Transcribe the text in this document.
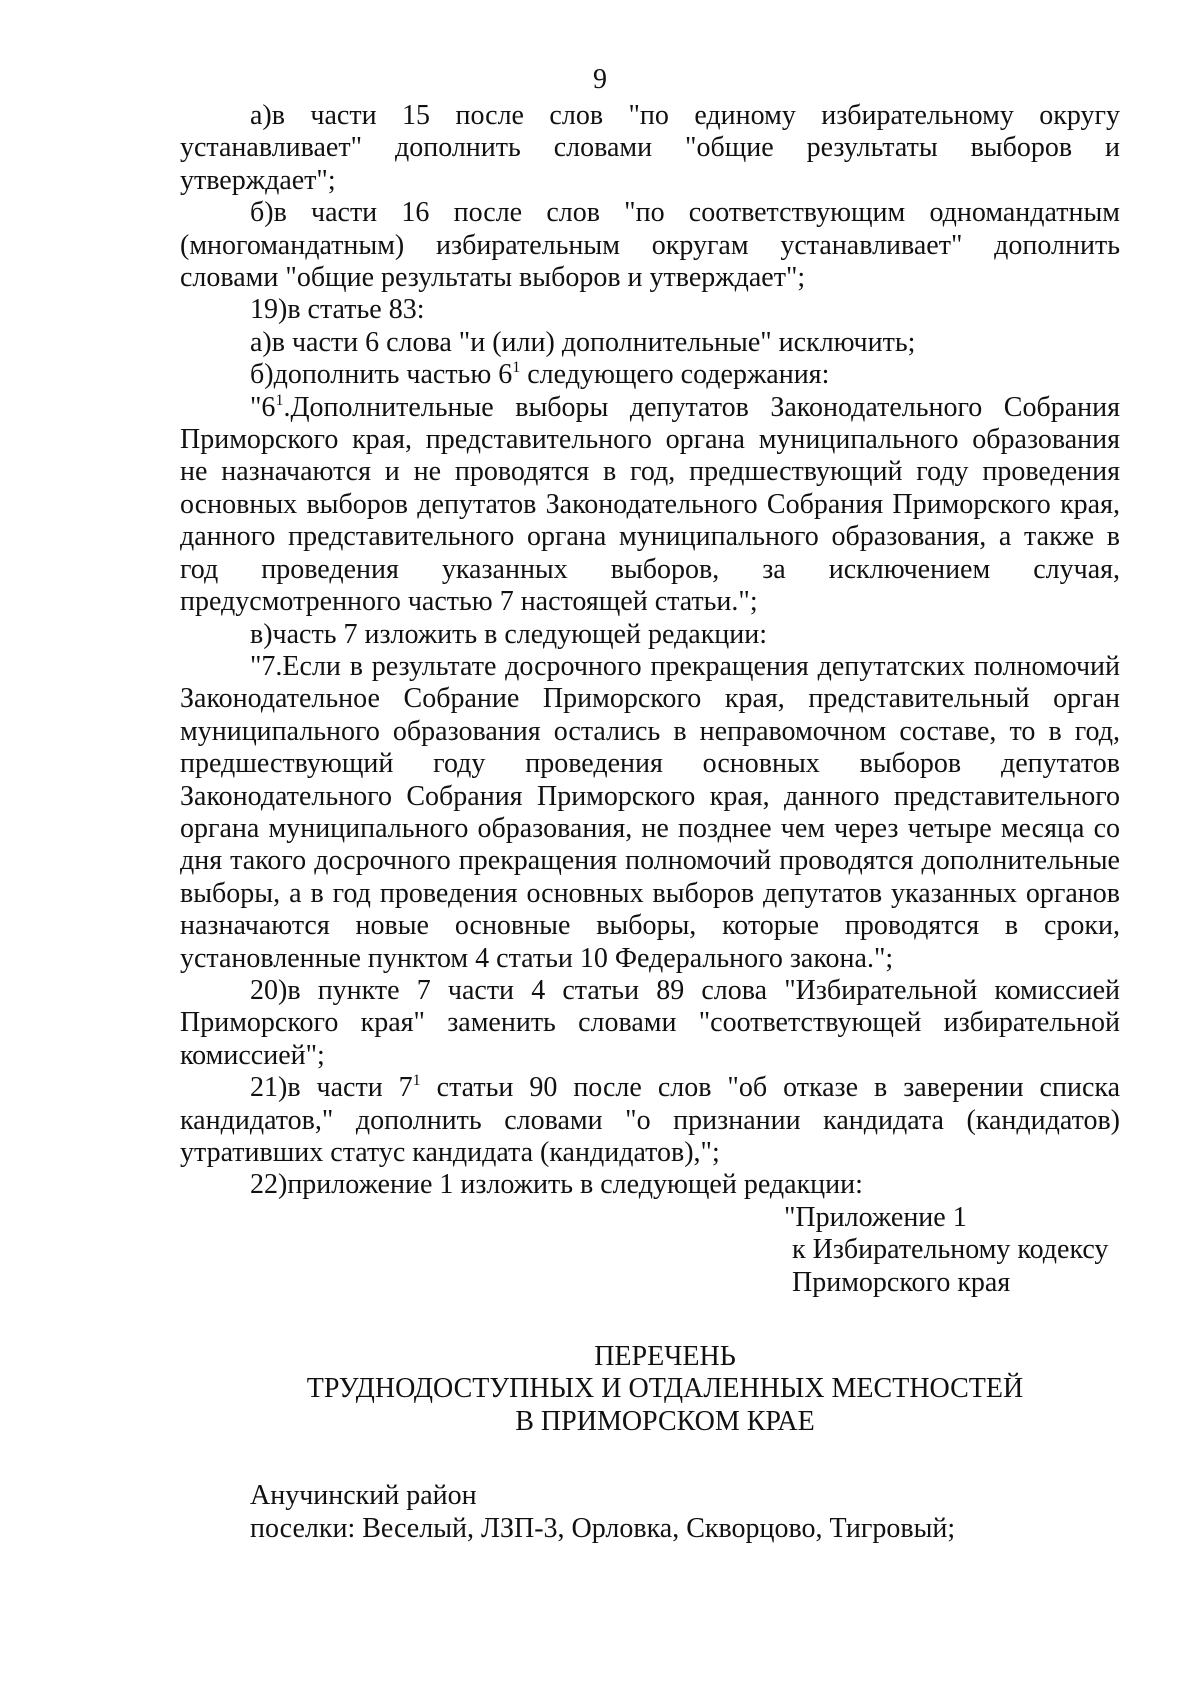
9

а)в части 15 после слов "по единому избирательному округу устанавливает" дополнить словами "общие результаты выборов и утверждает";

б)в части 16 после слов "по соответствующим одномандатным (многомандатным) избирательным округам устанавливает" дополнить словами "общие результаты выборов и утверждает";

19)в статье 83:

а)в части 6 слова "и (или) дополнительные" исключить;

б)дополнить частью $6^1$ следующего содержания:

"$6^1.Дополнительные$ выборы депутатов Законодательного Собрания Приморского края, представительного органа муниципального образования не назначаются и не проводятся в год, предшествующий году проведения основных выборов депутатов Законодательного Собрания Приморского края, данного представительного органа муниципального образования, а также в год проведения указанных выборов, за исключением случая, предусмотренного частью 7 настоящей статьи.";

в)часть 7 изложить в следующей редакции:

"7.Если в результате досрочного прекращения депутатских полномочий Законодательное Собрание Приморского края, представительный орган муниципального образования остались в неправомочном составе, то в год, предшествующий году проведения основных выборов депутатов Законодательного Собрания Приморского края, данного представительного органа муниципального образования, не позднее чем через четыре месяца со дня такого досрочного прекращения полномочий проводятся дополнительные выборы, а в год проведения основных выборов депутатов указанных органов назначаются новые основные выборы, которые проводятся в сроки, установленные пунктом 4 статьи 10 Федерального закона.";

20)в пункте 7 части 4 статьи 89 слова "Избирательной комиссией Приморского края" заменить словами "соответствующей избирательной комиссией";

21)в части $7^1$ статьи 90 после слов "об отказе в заверении списка кандидатов," дополнить словами "о признании кандидата (кандидатов) утративших статус кандидата (кандидатов),";

22)приложение 1 изложить в следующей редакции:

"Приложение 1
к Избирательному кодексу
Приморского края
ПЕРЕЧЕНЬ
ТРУДНОДОСТУПНЫХ И ОТДАЛЕННЫХ МЕСТНОСТЕЙ
В ПРИМОРСКОМ КРАЕ
Анучинский район
поселки: Веселый, ЛЗП-3, Орловка, Скворцово, Тигровый;
